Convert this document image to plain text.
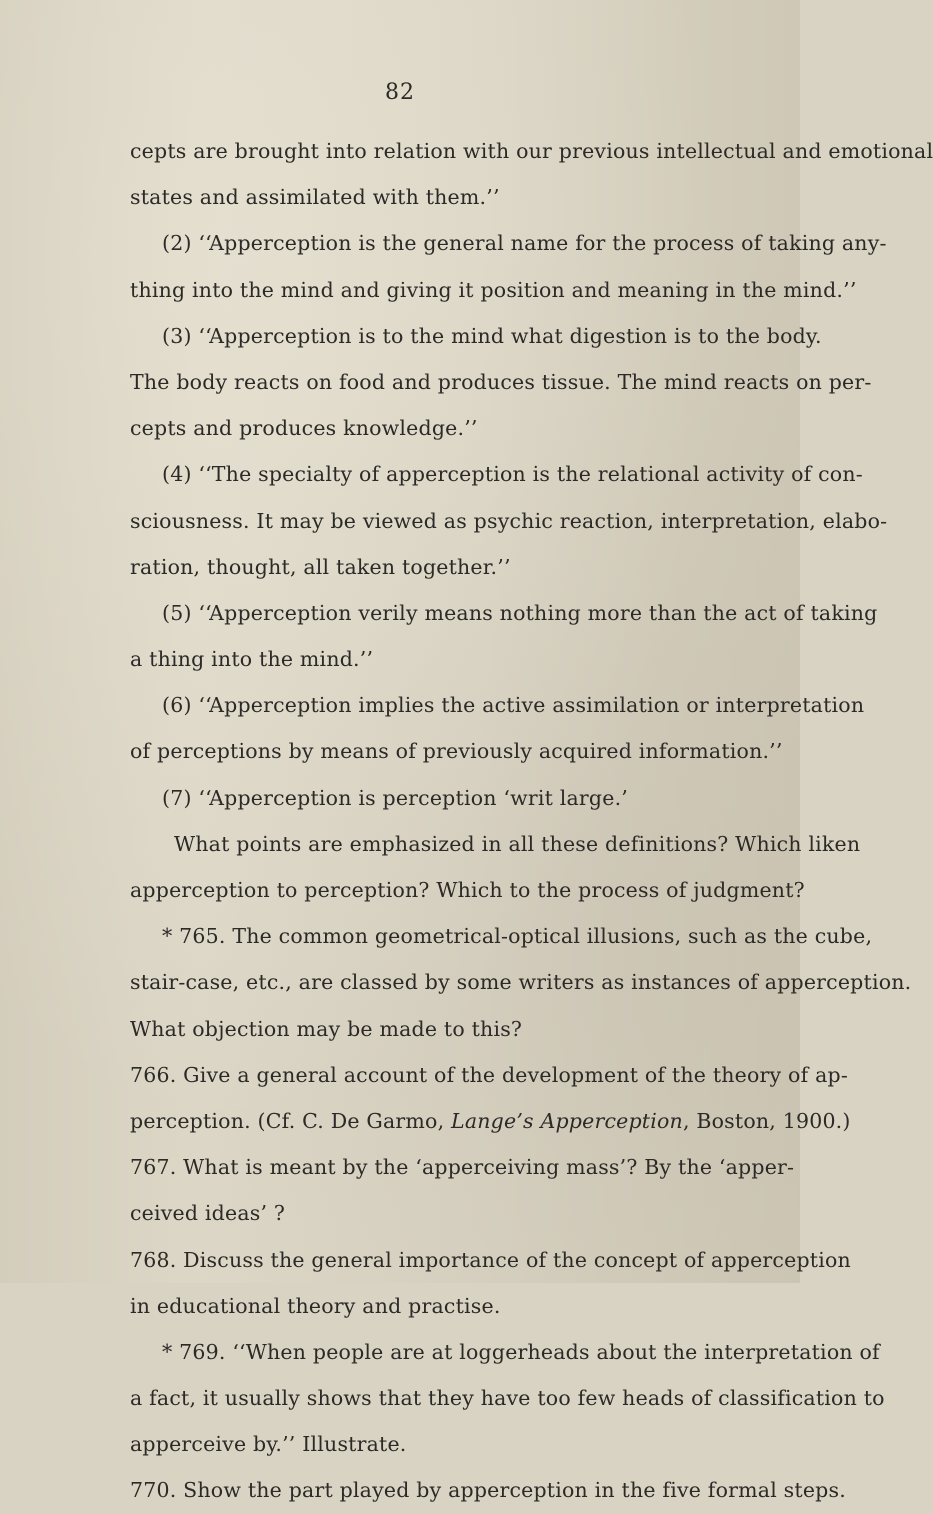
82
cepts are brought into relation with our previous intellectual and emotional
states and assimilated with them.’’
(2) ‘‘Apperception is the general name for the process of taking any-
thing into the mind and giving it position and meaning in the mind.’’
(3) ‘‘Apperception is to the mind what digestion is to the body.
The body reacts on food and produces tissue. The mind reacts on per-
cepts and produces knowledge.’’
(4) ‘‘The specialty of apperception is the relational activity of con-
sciousness. It may be viewed as psychic reaction, interpretation, elabo-
ration, thought, all taken together.’’
(5) ‘‘Apperception verily means nothing more than the act of taking
a thing into the mind.’’
(6) ‘‘Apperception implies the active assimilation or interpretation
of perceptions by means of previously acquired information.’’
(7) ‘‘Apperception is perception ‘writ large.’
What points are emphasized in all these definitions? Which liken
apperception to perception? Which to the process of judgment?
* 765. The common geometrical-optical illusions, such as the cube,
stair-case, etc., are classed by some writers as instances of apperception.
What objection may be made to this?
766. Give a general account of the development of the theory of ap-
perception. (Cf. C. De Garmo, Lange’s Apperception, Boston, 1900.)
767. What is meant by the ‘apperceiving mass’? By the ‘apper-
ceived ideas’ ?
768. Discuss the general importance of the concept of apperception
in educational theory and practise.
* 769. ‘‘When people are at loggerheads about the interpretation of
a fact, it usually shows that they have too few heads of classification to
apperceive by.’’ Illustrate.
770. Show the part played by apperception in the five formal steps.
